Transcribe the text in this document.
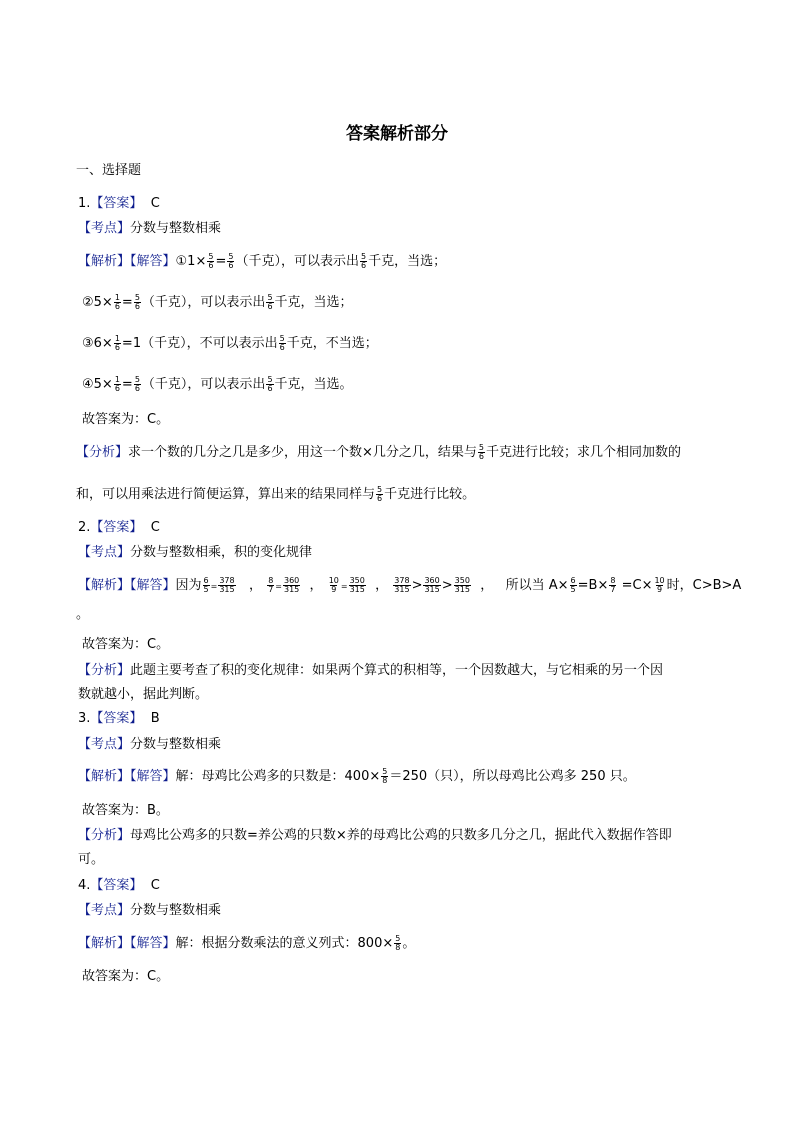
答案解析部分
一、选择题
1.【答案】 C
【考点】分数与整数相乘
【解析】【解答】①1× $\frac{5}{6} = \frac{5}{6}$ （千克），可以表示出 $\frac{5}{6}$ 千克，当选；
②5× $\frac{1}{6} = \frac{5}{6}$ （千克），可以表示出 $\frac{5}{6}$ 千克，当选；
③6× $\frac{1}{6} =1$（千克），不可以表示出 $\frac{5}{6}$ 千克，不当选；
④5× $\frac{1}{6} = \frac{5}{6}$ （千克），可以表示出 $\frac{5}{6}$ 千克，当选。
故答案为：C。
【分析】求一个数的几分之几是多少，用这一个数×几分之几，结果与 $\frac{5}{6}$ 千克进行比较；求几个相同加数的
和，可以用乘法进行简便运算，算出来的结果同样与 $\frac{5}{6}$ 千克进行比较。
2.【答案】 C
【考点】分数与整数相乘，积的变化规律
【解析】【解答】因为 $\frac{6}{5} = \frac{378}{315}$ ， $\frac{8}{7} = \frac{360}{315}$ ， $\frac{10}{9} = \frac{350}{315}$ ， $\frac{378}{315} > \frac{360}{315} > \frac{350}{315}$ ， 所以当 $A\times \frac{6}{5} =B\times \frac{8}{7} =C\times \frac{10}{9}$ 时，C>B>A
。
故答案为：C。
【分析】此题主要考查了积的变化规律：如果两个算式的积相等，一个因数越大，与它相乘的另一个因
数就越小，据此判断。
3.【答案】 B
【考点】分数与整数相乘
【解析】【解答】解：母鸡比公鸡多的只数是：$400\times \frac{5}{8} =250$（只），所以母鸡比公鸡多 250 只。
故答案为：B。
【分析】母鸡比公鸡多的只数=养公鸡的只数×养的母鸡比公鸡的只数多几分之几，据此代入数据作答即
可。
4.【答案】 C
【考点】分数与整数相乘
【解析】【解答】解：根据分数乘法的意义列式：$800\times \frac{5}{8}$ 。
故答案为：C。
